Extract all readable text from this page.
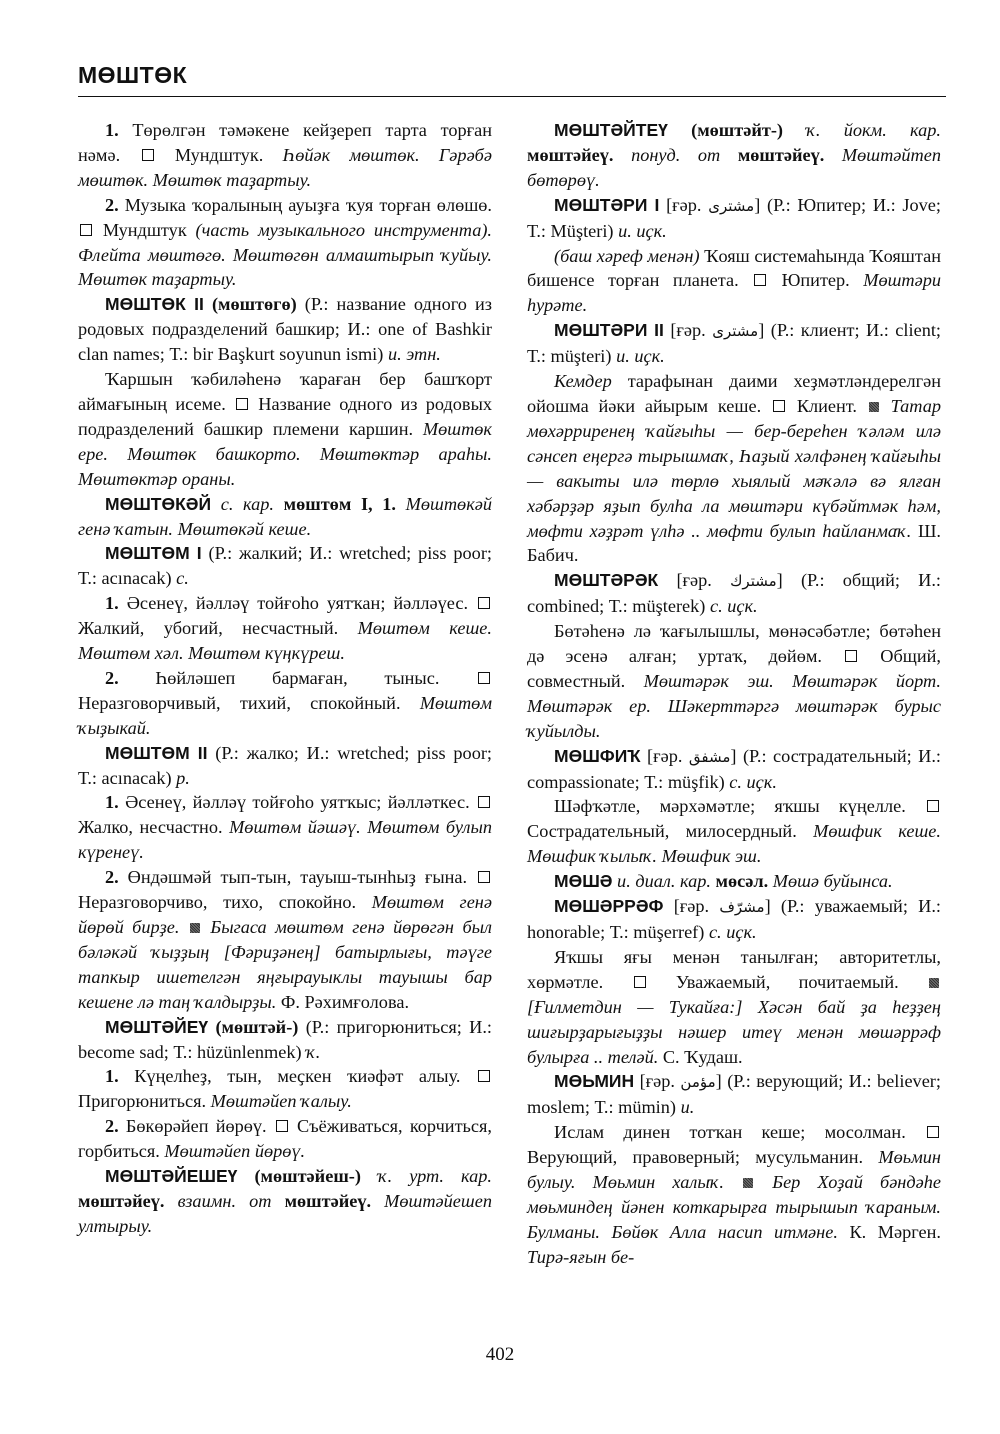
МӨШТӨК

1. Төрөлгән тәмәкене кейҙереп тарта торған нәмә.  Мундштук. Һөйәк мөштөк. Гәрәбә мөштөк. Мөштөк таҙартыу.

2. Музыка ҡоралының ауыҙға ҡуя торған өлөшө.  Мундштук (часть музыкального инструмента). Флейта мөштөгө. Мөштөгөн алмаштырып ҡуйыу. Мөштөк таҙартыу.

МӨШТӨК II (мөштөгө) (Р.: название одного из родовых подразделений башкир; И.: one of Bashkir clan names; Т.: bir Başkurt soyunun ismi) и. этн.

Ҡаршын ҡәбиләһенә ҡараған бер башҡорт аймағының исеме.  Название одного из родовых подразделений башкир племени каршин. Мөштөк ере. Мөштөк башкорто. Мөштөктәр араһы. Мөштөктәр ораны.

МӨШТӨКӘЙ с. кар. мөштөм I, 1. Мөштөкәй генә ҡатын. Мөштөкәй кеше.

МӨШТӨМ I (Р.: жалкий; И.: wretched; piss poor; Т.: acınacak) с.

1. Әсенеү, йәлләү тойғоһо уятҡан; йәлләүес.  Жалкий, убогий, несчастный. Мөштөм кеше. Мөштөм хәл. Мөштөм күңкүреш.

2. Һөйләшеп бармаған, тыныс.  Неразговорчивый, тихий, спокойный. Мөштөм ҡыҙыкай.

МӨШТӨМ II (Р.: жалко; И.: wretched; piss poor; Т.: acınacak) р.

1. Әсенеү, йәлләү тойғоһо уятҡыс; йәлләткес.  Жалко, несчастно. Мөштөм йәшәү. Мөштөм булып күренеү.

2. Өндәшмәй тып-тын, тауыш-тынһыҙ ғына.  Неразговорчиво, тихо, спокойно. Мөштөм генә йөрөй бирҙе.  Быгаса мөштөм генә йөрөгән был бәләкәй ҡыҙҙың [Фәриҙәнең] батырлығы, тәүге тапкыр ишетелгән яңғырауыклы тауышы бар кешене лә таң ҡалдырҙы. Ф. Рәхимғолова.

МӨШТӘЙЕҮ (мөштәй-) (Р.: пригорюниться; И.: become sad; Т.: hüzünlenmek) ҡ.

1. Күңелһеҙ, тын, меҫкен ҡиәфәт алыу.  Пригорюниться. Мөштәйеп ҡалыу.

2. Бөкөрәйеп йөрөү.  Съёживаться, корчиться, горбиться. Мөштәйеп йөрөү.

МӨШТӘЙЕШЕҮ (мөштәйеш-) ҡ. урт. кар. мөштәйеү. взаимн. от мөштәйеү. Мөштәйешеп ултырыу.

МӨШТӘЙТЕҮ (мөштәйт-) ҡ. йокм. кар. мөштәйеү. понуд. от мөштәйеү. Мөштәйтеп бөтөрөү.

МӨШТӘРИ I [ғәр. مشترى] (Р.: Юпитер; И.: Jove; Т.: Müşteri) и. иҫк.

(баш хәреф менән) Ҡояш системаһында Ҡояштан бишенсе торған планета.  Юпитер. Мөштәри һурәте.

МӨШТӘРИ II [ғәр. مشترى] (Р.: клиент; И.: client; Т.: müşteri) и. иҫк.

Кемдер тарафынан даими хеҙмәтләндерелгән ойошма йәки айырым кеше.  Клиент.  Татар мөхәрриренең ҡайғыһы — бер-береһен ҡәләм илә сәнсеп еңергә тырышмаҡ, Һаҙый хәлфәнең ҡайғыһы — вакыты илә төрлө хыялый мәҡәлә вә ялған хәбәрҙәр яҙып булһа ла мөштәри күбәйтмәк һәм, мөфти хәҙрәт үлһә .. мөфти булып һайланмаҡ. Ш. Бабич.

МӨШТӘРӘК [ғәр. مشترك] (Р.: общий; И.: combined; Т.: müşterek) с. иҫк.

Бөтәһенә лә ҡағылышлы, мөнәсәбәтле; бөтәһен дә эсенә алған; уртаҡ, дөйөм.  Общий, совместный. Мөштәрәк эш. Мөштәрәк йорт. Мөштәрәк ер. Шәкерттәргә мөштәрәк бурыс ҡуйылды.

МӨШФИҠ [ғәр. مشفق] (Р.: сострадательный; И.: compassionate; Т.: müşfik) с. иҫк.

Шәфҡәтле, мәрхәмәтле; яҡшы күңелле.  Сострадательный, милосердный. Мөшфик кеше. Мөшфик ҡылыҡ. Мөшфик эш.

МӨШӘ и. диал. кар. мөсәл. Мөшә буйынса.

МӨШӘРРӘФ [ғәр. مشرّف] (Р.: уважаемый; И.: honorable; Т.: müşerref) с. иҫк.

Яҡшы яғы менән танылған; авторитетлы, хөрмәтле.  Уважаемый, почитаемый.  [Ғилметдин — Тукайға:] Хәсән бай ҙа һеҙҙең шиғырҙарығыҙҙы нәшер итеү менән мөшәррәф булырға .. теләй. С. Ҡудаш.

МӨЬМИН [ғәр. مؤمن] (Р.: верующий; И.: believer; moslem; Т.: mümin) и.

Ислам динен тотҡан кеше; мосолман.  Верующий, правоверный; мусульманин. Мөьмин булыу. Мөьмин халыҡ.  Бер Хоҙай бәндәһе мөьминдең йәнен коткарырға тырышып ҡараным. Булманы. Бөйөк Алла насип итмәне. К. Мәрген. Тирә-яғын бе-

402
